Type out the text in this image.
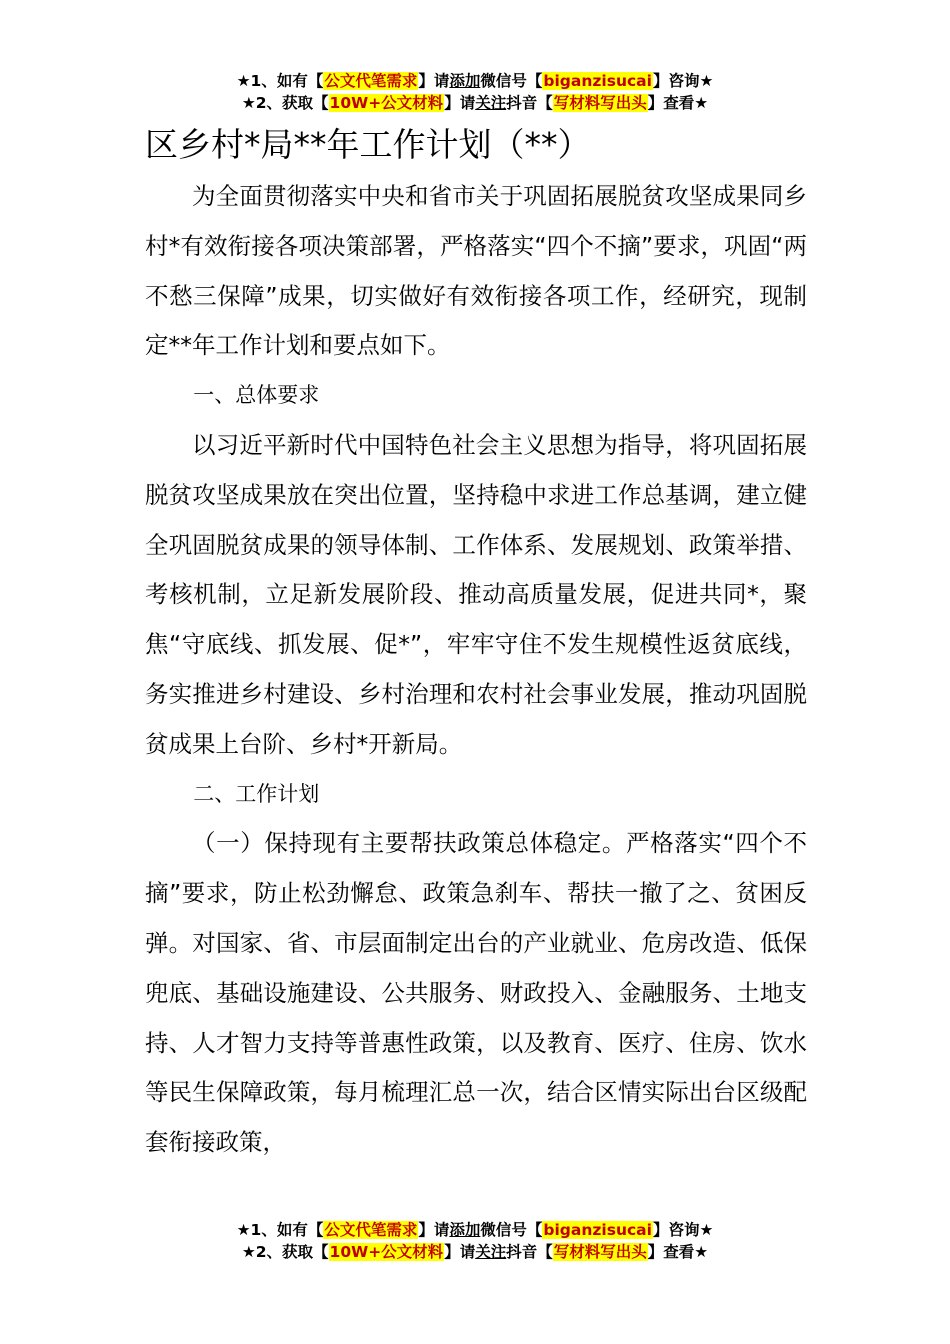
★1、如有【公文代笔需求】请添加微信号【biganzisucai】咨询★
★2、获取【10W+公文材料】请关注抖音【写材料写出头】查看★
区乡村*局**年工作计划（**）

为全面贯彻落实中央和省市关于巩固拓展脱贫攻坚成果同乡村*有效衔接各项决策部署，严格落实“四个不摘”要求，巩固“两不愁三保障”成果，切实做好有效衔接各项工作，经研究，现制定**年工作计划和要点如下。

一、总体要求

以习近平新时代中国特色社会主义思想为指导，将巩固拓展脱贫攻坚成果放在突出位置，坚持稳中求进工作总基调，建立健全巩固脱贫成果的领导体制、工作体系、发展规划、政策举措、考核机制，立足新发展阶段、推动高质量发展，促进共同*，聚焦“守底线、抓发展、促*”，牢牢守住不发生规模性返贫底线，务实推进乡村建设、乡村治理和农村社会事业发展，推动巩固脱贫成果上台阶、乡村*开新局。

二、工作计划

（一）保持现有主要帮扶政策总体稳定。严格落实“四个不摘”要求，防止松劲懈怠、政策急刹车、帮扶一撤了之、贫困反弹。对国家、省、市层面制定出台的产业就业、危房改造、低保兜底、基础设施建设、公共服务、财政投入、金融服务、土地支持、人才智力支持等普惠性政策，以及教育、医疗、住房、饮水等民生保障政策，每月梳理汇总一次，结合区情实际出台区级配套衔接政策，

★1、如有【公文代笔需求】请添加微信号【biganzisucai】咨询★
★2、获取【10W+公文材料】请关注抖音【写材料写出头】查看★
